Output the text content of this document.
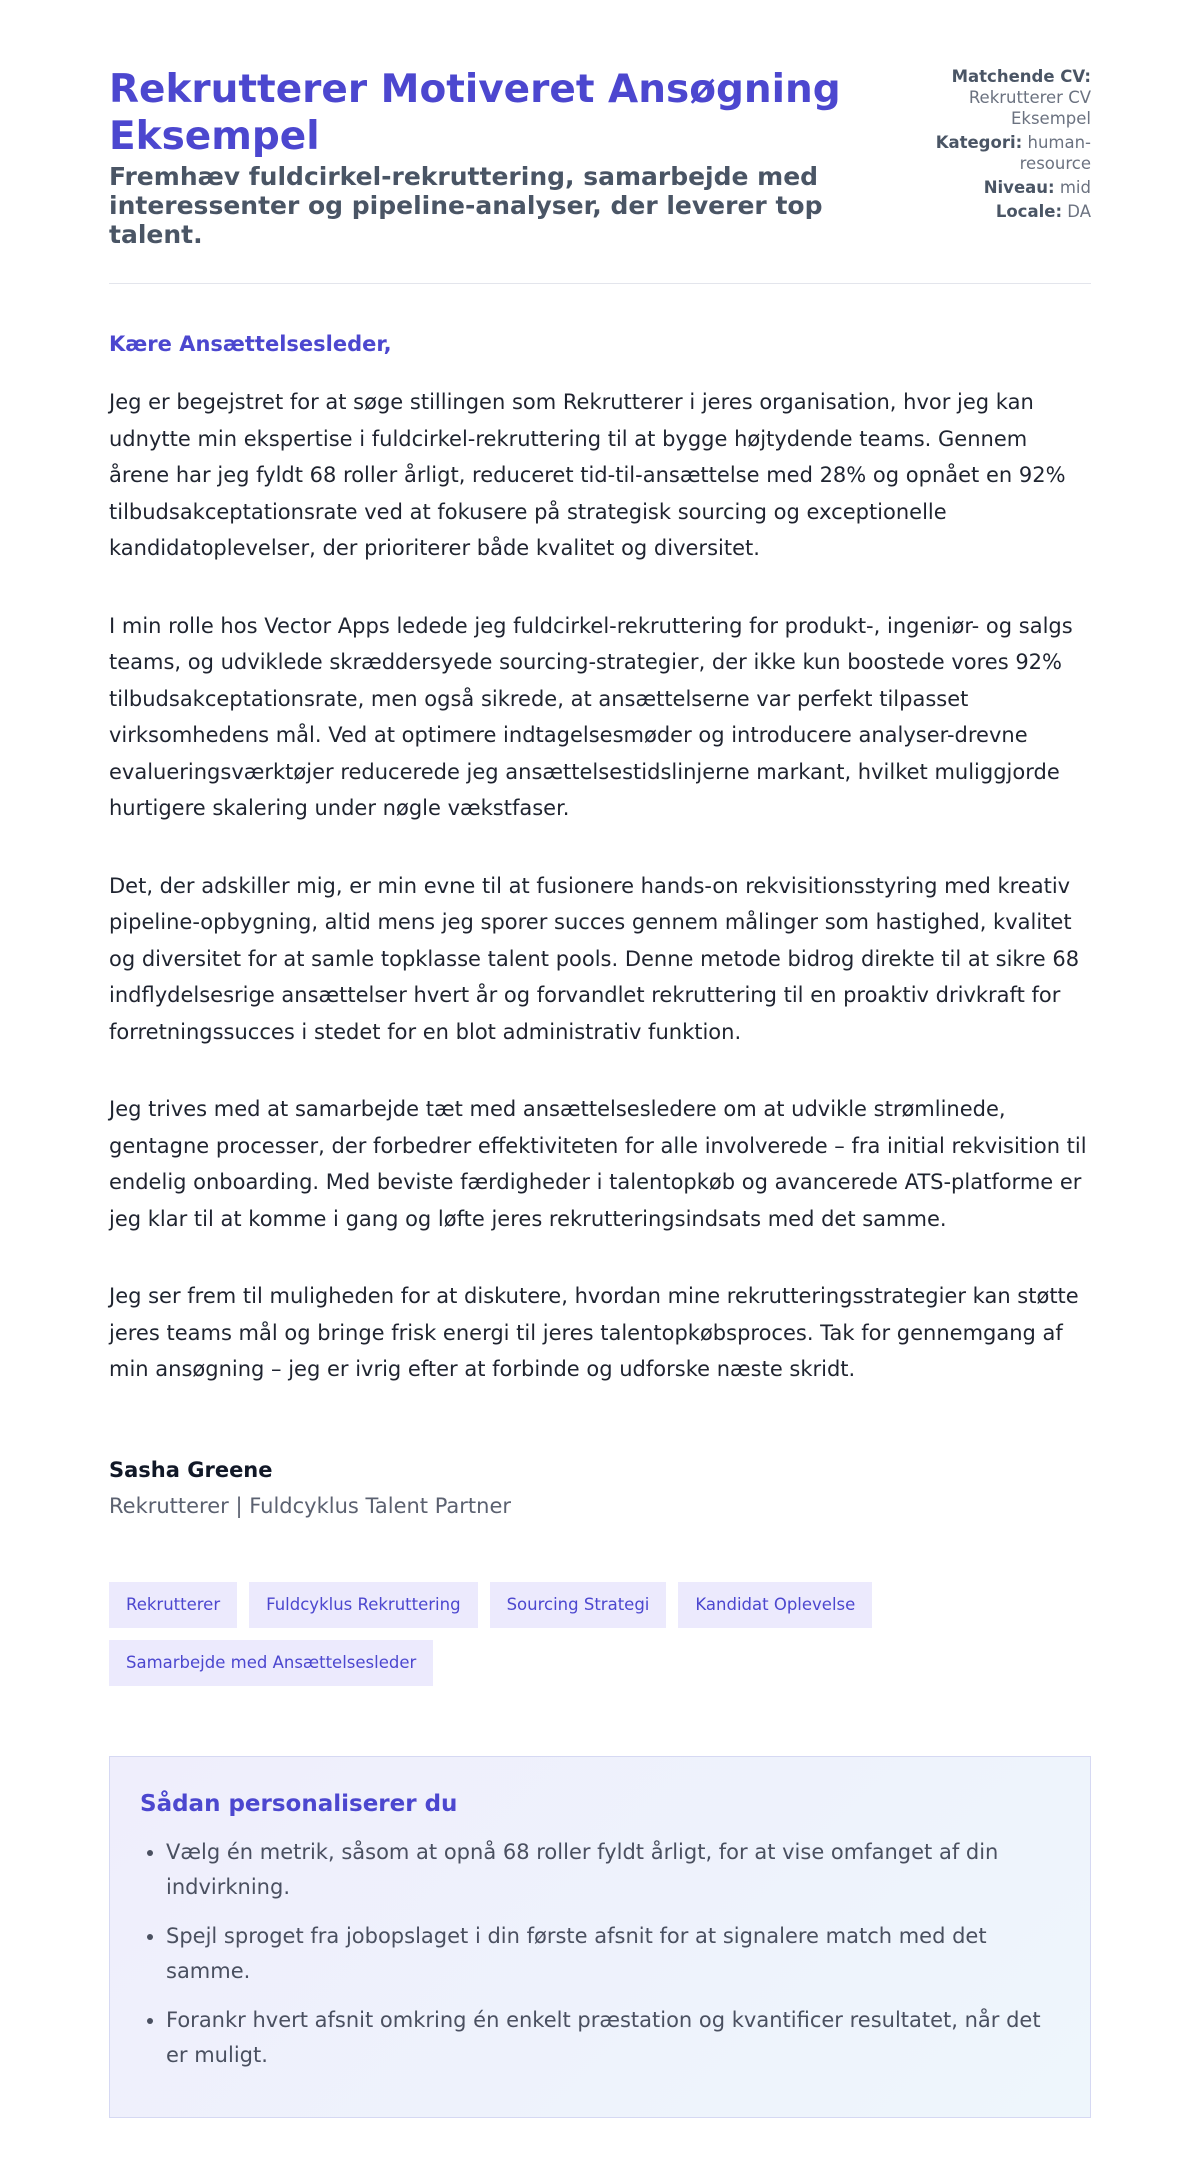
Rekrutterer Motiveret Ansøgning Eksempel
Fremhæv fuldcirkel-rekruttering, samarbejde med interessenter og pipeline-analyser, der leverer top talent.
Matchende CV:
Rekrutterer CV Eksempel
Kategori: human-resource
Niveau: mid
Locale: DA
Kære Ansættelsesleder,

Jeg er begejstret for at søge stillingen som Rekrutterer i jeres organisation, hvor jeg kan udnytte min ekspertise i fuldcirkel-rekruttering til at bygge højtydende teams. Gennem årene har jeg fyldt 68 roller årligt, reduceret tid-til-ansættelse med 28% og opnået en 92% tilbudsakceptationsrate ved at fokusere på strategisk sourcing og exceptionelle kandidatoplevelser, der prioriterer både kvalitet og diversitet.

I min rolle hos Vector Apps ledede jeg fuldcirkel-rekruttering for produkt-, ingeniør- og salgs teams, og udviklede skræddersyede sourcing-strategier, der ikke kun boostede vores 92% tilbudsakceptationsrate, men også sikrede, at ansættelserne var perfekt tilpasset virksomhedens mål. Ved at optimere indtagelsesmøder og introducere analyser-drevne evalueringsværktøjer reducerede jeg ansættelsestidslinjerne markant, hvilket muliggjorde hurtigere skalering under nøgle vækstfaser.

Det, der adskiller mig, er min evne til at fusionere hands-on rekvisitionsstyring med kreativ pipeline-opbygning, altid mens jeg sporer succes gennem målinger som hastighed, kvalitet og diversitet for at samle topklasse talent pools. Denne metode bidrog direkte til at sikre 68 indflydelsesrige ansættelser hvert år og forvandlet rekruttering til en proaktiv drivkraft for forretningssucces i stedet for en blot administrativ funktion.

Jeg trives med at samarbejde tæt med ansættelsesledere om at udvikle strømlinede, gentagne processer, der forbedrer effektiviteten for alle involverede – fra initial rekvisition til endelig onboarding. Med beviste færdigheder i talentopkøb og avancerede ATS-platforme er jeg klar til at komme i gang og løfte jeres rekrutteringsindsats med det samme.

Jeg ser frem til muligheden for at diskutere, hvordan mine rekrutteringsstrategier kan støtte jeres teams mål og bringe frisk energi til jeres talentopkøbsproces. Tak for gennemgang af min ansøgning – jeg er ivrig efter at forbinde og udforske næste skridt.

Sasha Greene
Rekrutterer | Fuldcyklus Talent Partner
Rekrutterer	Fuldcyklus Rekruttering	Sourcing Strategi	Kandidat Oplevelse
Samarbejde med Ansættelsesleder
Sådan personaliserer du
• Vælg én metrik, såsom at opnå 68 roller fyldt årligt, for at vise omfanget af din indvirkning.
• Spejl sproget fra jobopslaget i din første afsnit for at signalere match med det samme.
• Forankr hvert afsnit omkring én enkelt præstation og kvantificer resultatet, når det er muligt.
